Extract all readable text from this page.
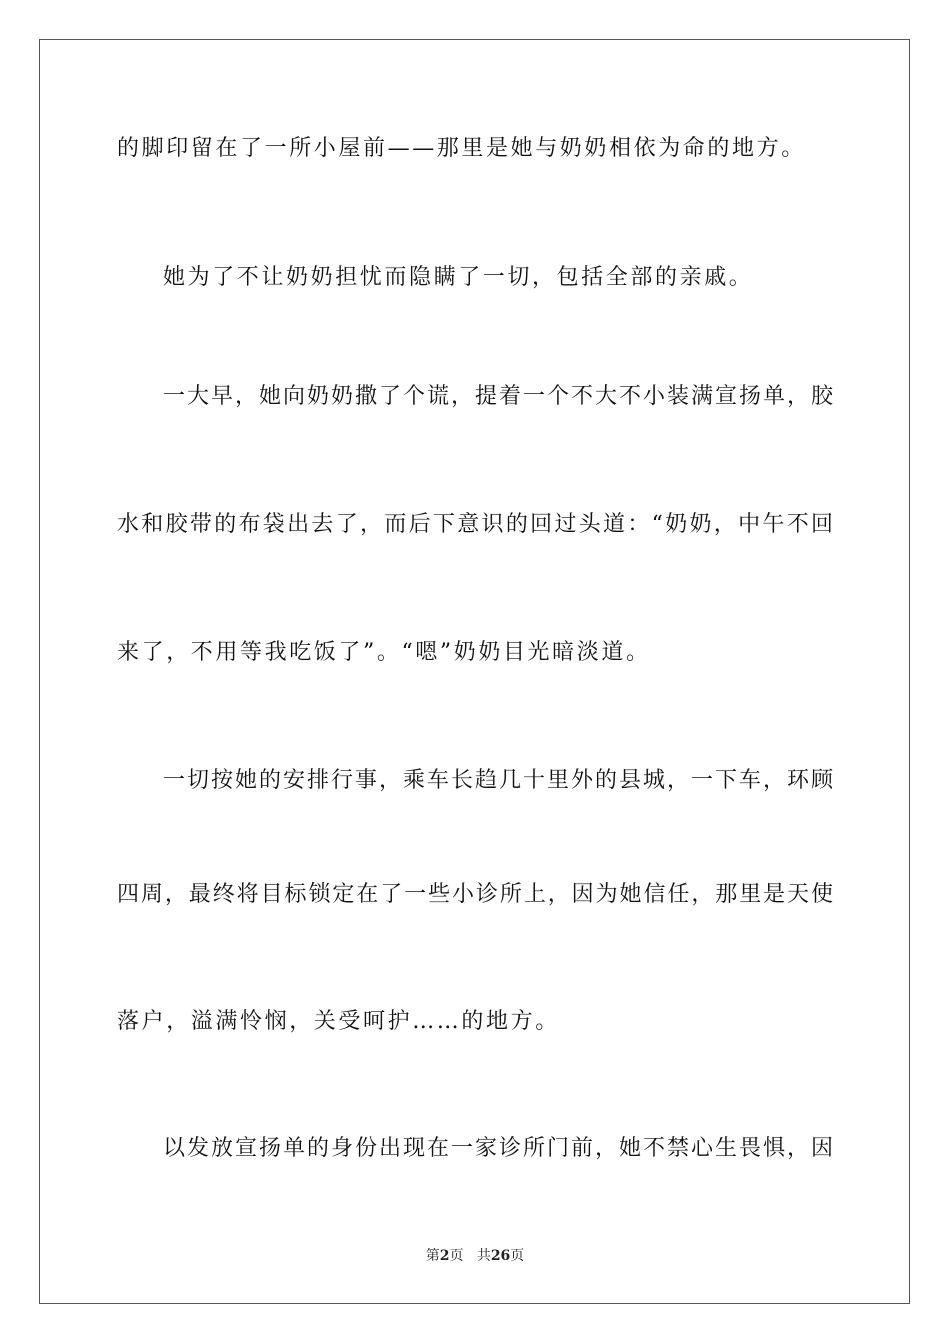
的脚印留在了一所小屋前——那里是她与奶奶相依为命的地方。
她为了不让奶奶担忧而隐瞒了一切，包括全部的亲戚。
一大早，她向奶奶撒了个谎，提着一个不大不小装满宣扬单，胶
水和胶带的布袋出去了，而后下意识的回过头道：“奶奶，中午不回
来了，不用等我吃饭了”。“嗯”奶奶目光暗淡道。
一切按她的安排行事，乘车长趋几十里外的县城，一下车，环顾
四周，最终将目标锁定在了一些小诊所上，因为她信任，那里是天使
落户，溢满怜悯，关受呵护……的地方。
以发放宣扬单的身份出现在一家诊所门前，她不禁心生畏惧，因
第2页 共26页
